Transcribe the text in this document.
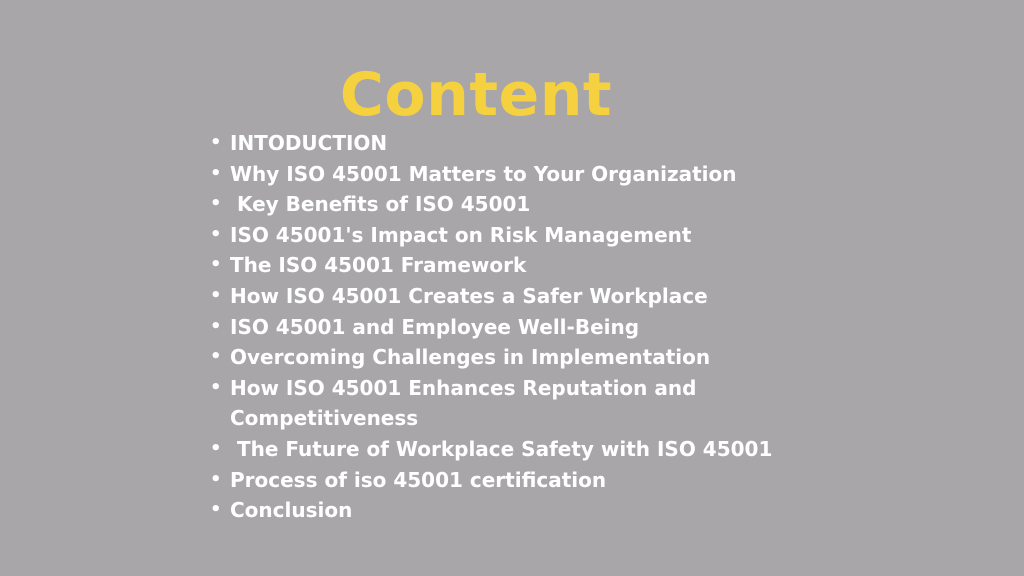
Content
• INTODUCTION
• Why ISO 45001 Matters to Your Organization
• Key Benefits of ISO 45001
• ISO 45001's Impact on Risk Management
• The ISO 45001 Framework
• How ISO 45001 Creates a Safer Workplace
• ISO 45001 and Employee Well-Being
• Overcoming Challenges in Implementation
• How ISO 45001 Enhances Reputation and
Competitiveness
• The Future of Workplace Safety with ISO 45001
• Process of iso 45001 certification
• Conclusion
